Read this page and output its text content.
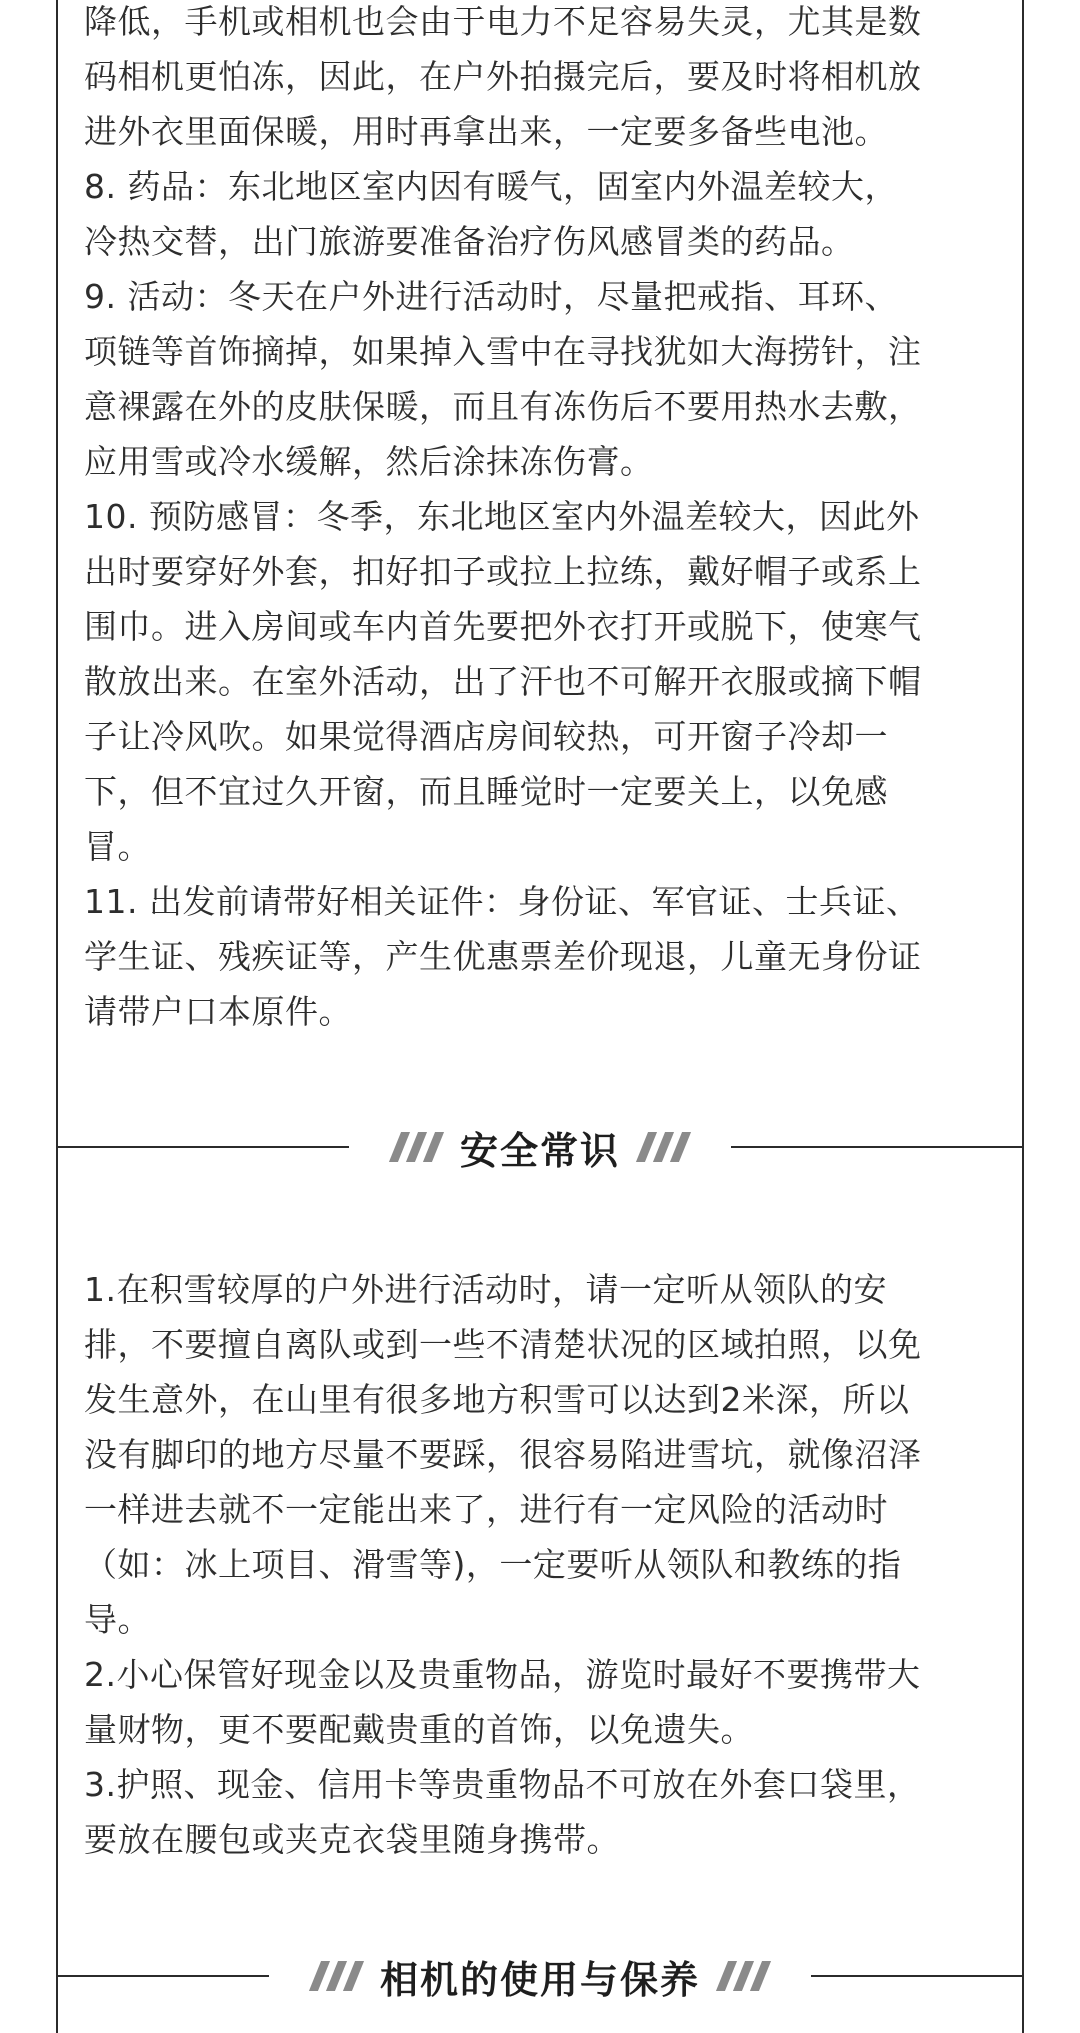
降低，手机或相机也会由于电力不足容易失灵，尤其是数

码相机更怕冻，因此，在户外拍摄完后，要及时将相机放

进外衣里面保暖，用时再拿出来，一定要多备些电池。

8. 药品：东北地区室内因有暖气，固室内外温差较大，

冷热交替，出门旅游要准备治疗伤风感冒类的药品。

9. 活动：冬天在户外进行活动时，尽量把戒指、耳环、

项链等首饰摘掉，如果掉入雪中在寻找犹如大海捞针，注

意裸露在外的皮肤保暖，而且有冻伤后不要用热水去敷，

应用雪或冷水缓解，然后涂抹冻伤膏。

10. 预防感冒：冬季，东北地区室内外温差较大，因此外

出时要穿好外套，扣好扣子或拉上拉练，戴好帽子或系上

围巾。进入房间或车内首先要把外衣打开或脱下，使寒气

散放出来。在室外活动，出了汗也不可解开衣服或摘下帽

子让冷风吹。如果觉得酒店房间较热，可开窗子冷却一

下，但不宜过久开窗，而且睡觉时一定要关上，以免感

冒。

11. 出发前请带好相关证件：身份证、军官证、士兵证、

学生证、残疾证等，产生优惠票差价现退，儿童无身份证

请带户口本原件。

安全常识

1.在积雪较厚的户外进行活动时，请一定听从领队的安

排，不要擅自离队或到一些不清楚状况的区域拍照，以免

发生意外，在山里有很多地方积雪可以达到2米深，所以

没有脚印的地方尽量不要踩，很容易陷进雪坑，就像沼泽

一样进去就不一定能出来了，进行有一定风险的活动时

（如：冰上项目、滑雪等)，一定要听从领队和教练的指

导。

2.小心保管好现金以及贵重物品，游览时最好不要携带大

量财物，更不要配戴贵重的首饰，以免遗失。

3.护照、现金、信用卡等贵重物品不可放在外套口袋里，

要放在腰包或夹克衣袋里随身携带。

相机的使用与保养
